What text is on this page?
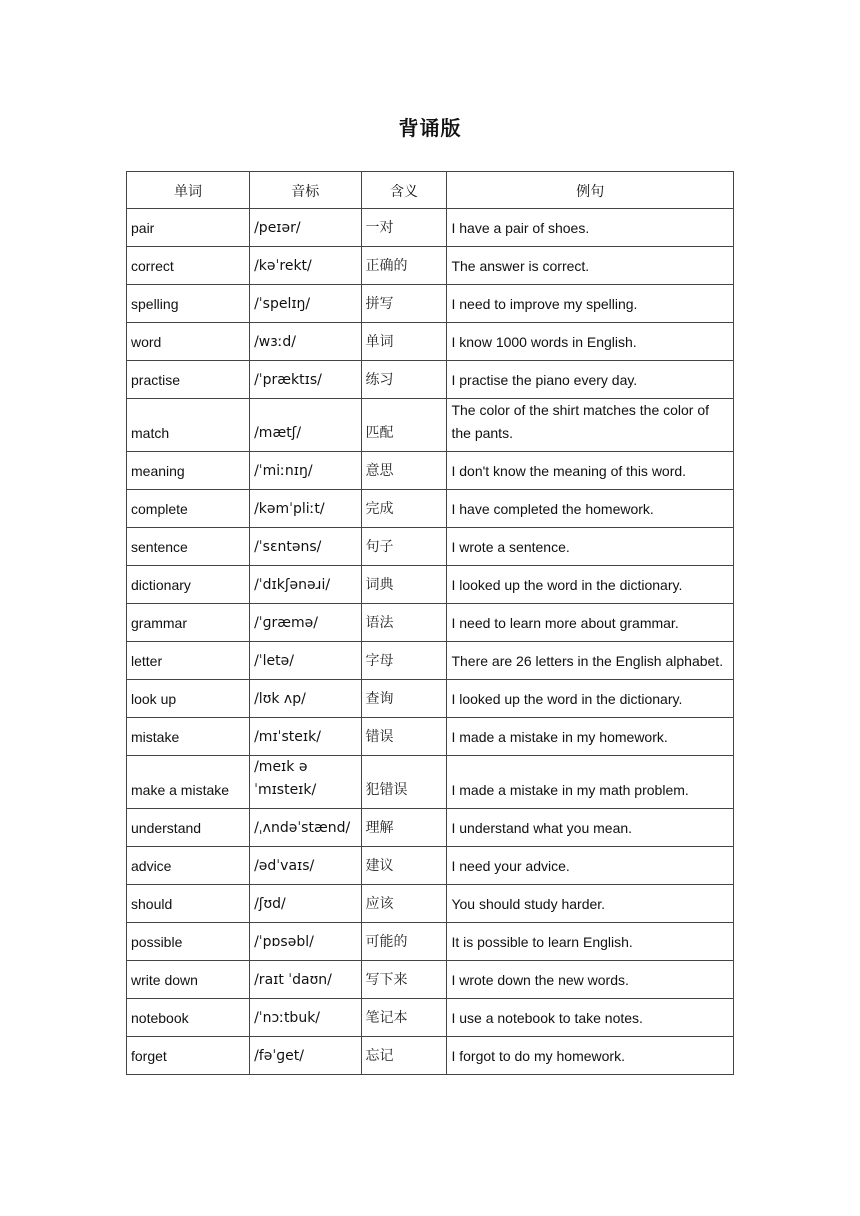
背诵版
单词	音标	含义	例句
pair	/peɪər/	一对	I have a pair of shoes.
correct	/kəˈrekt/	正确的	The answer is correct.
spelling	/ˈspelɪŋ/	拼写	I need to improve my spelling.
word	/wɜːd/	单词	I know 1000 words in English.
practise	/ˈpræktɪs/	练习	I practise the piano every day.
match	/mætʃ/	匹配	The color of the shirt matches the color of the pants.
meaning	/ˈmiːnɪŋ/	意思	I don't know the meaning of this word.
complete	/kəmˈpliːt/	完成	I have completed the homework.
sentence	/ˈsɛntəns/	句子	I wrote a sentence.
dictionary	/ˈdɪkʃənəɹi/	词典	I looked up the word in the dictionary.
grammar	/ˈɡræmə/	语法	I need to learn more about grammar.
letter	/ˈletə/	字母	There are 26 letters in the English alphabet.
look up	/lʊk ʌp/	查询	I looked up the word in the dictionary.
mistake	/mɪˈsteɪk/	错误	I made a mistake in my homework.
make a mistake	/meɪk ə ˈmɪsteɪk/	犯错误	I made a mistake in my math problem.
understand	/ˌʌndəˈstænd/	理解	I understand what you mean.
advice	/ədˈvaɪs/	建议	I need your advice.
should	/ʃʊd/	应该	You should study harder.
possible	/ˈpɒsəbl/	可能的	It is possible to learn English.
write down	/raɪt ˈdaʊn/	写下来	I wrote down the new words.
notebook	/ˈnɔːtbuk/	笔记本	I use a notebook to take notes.
forget	/fəˈɡet/	忘记	I forgot to do my homework.
